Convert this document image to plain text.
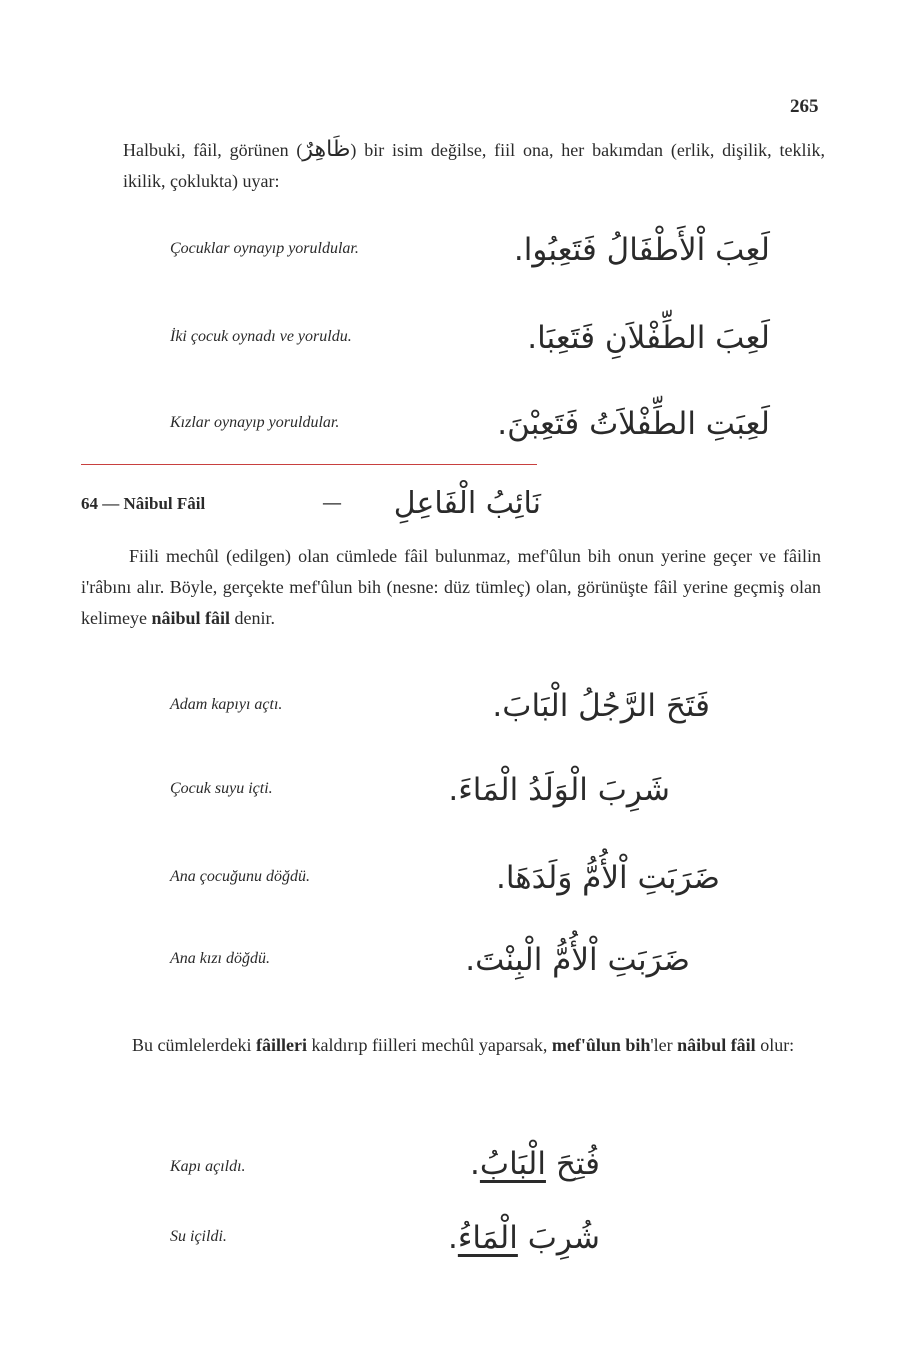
265

Halbuki, fâil, görünen (ظَاهِرٌ) bir isim değilse, fiil ona, her bakımdan (erlik, dişilik, teklik, ikilik, çoklukta) uyar:

Çocuklar oynayıp yoruldular.	لَعِبَ اْلأَطْفَالُ فَتَعِبُوا.
İki çocuk oynadı ve yoruldu.	لَعِبَ الطِّفْلاَنِ فَتَعِبَا.
Kızlar oynayıp yoruldular.	لَعِبَتِ الطِّفْلاَتُ فَتَعِبْنَ.
64 — Nâibul Fâil	—	نَائِبُ الْفَاعِلِ

Fiili mechûl (edilgen) olan cümlede fâil bulunmaz, mef'ûlun bih onun yerine geçer ve fâilin i'râbını alır. Böyle, gerçekte mef'ûlun bih (nesne: düz tümleç) olan, görünüşte fâil yerine geçmiş olan kelimeye nâibul fâil denir.

Adam kapıyı açtı.	فَتَحَ الرَّجُلُ الْبَابَ.
Çocuk suyu içti.	شَرِبَ الْوَلَدُ الْمَاءَ.
Ana çocuğunu döğdü.	ضَرَبَتِ اْلأُمُّ وَلَدَهَا.
Ana kızı döğdü.	ضَرَبَتِ اْلأُمُّ الْبِنْتَ.

Bu cümlelerdeki fâilleri kaldırıp fiilleri mechûl yaparsak, mef'ûlun bih'ler nâibul fâil olur:

Kapı açıldı.	فُتِحَ الْبَابُ.
Su içildi.	شُرِبَ الْمَاءُ.
